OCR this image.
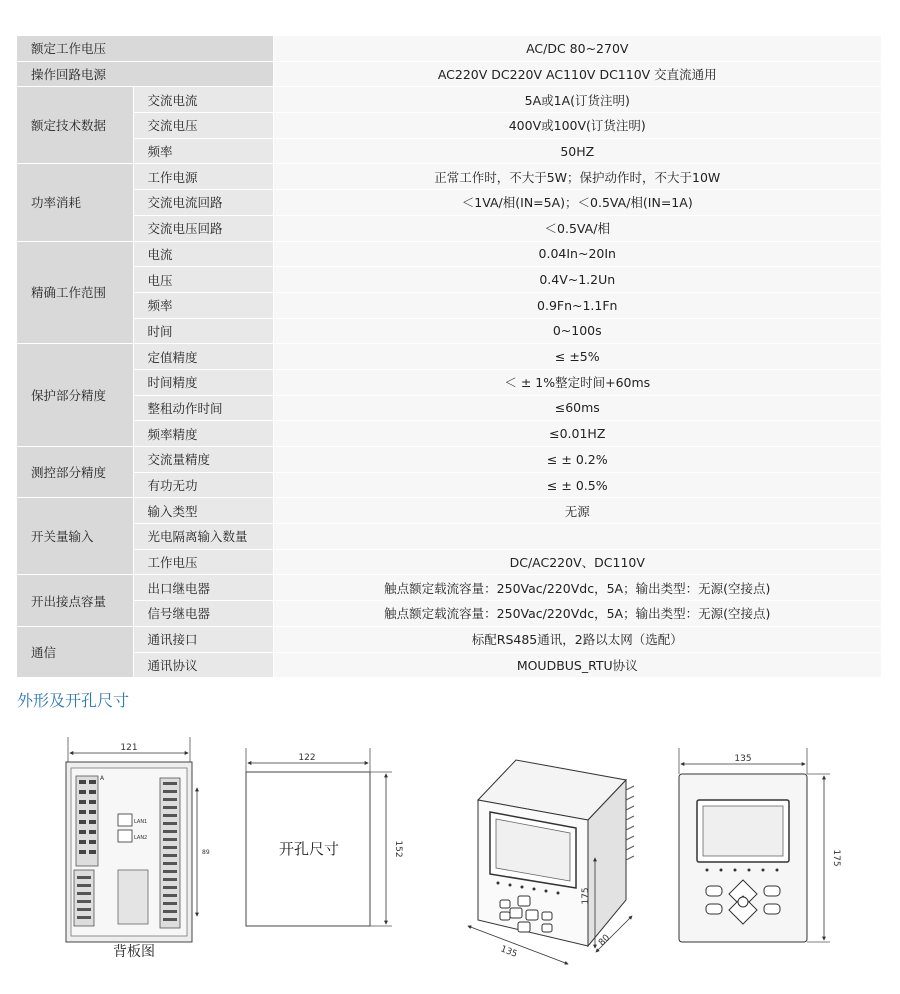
额定工作电压		AC/DC 80~270V
操作回路电源		AC220V DC220V AC110V DC110V 交直流通用
额定技术数据	交流电流	5A或1A(订货注明)
	交流电压	400V或100V(订货注明)
	频率	50HZ
功率消耗	工作电源	正常工作时，不大于5W；保护动作时，不大于10W
	交流电流回路	＜1VA/相(IN=5A)；＜0.5VA/相(IN=1A)
	交流电压回路	＜0.5VA/相
精确工作范围	电流	0.04In~20In
	电压	0.4V~1.2Un
	频率	0.9Fn~1.1Fn
	时间	0~100s
保护部分精度	定值精度	≤ ±5%
	时间精度	＜ ± 1%整定时间+60ms
	整租动作时间	≤60ms
	频率精度	≤0.01HZ
测控部分精度	交流量精度	≤ ± 0.2%
	有功无功	≤ ± 0.5%
开关量输入	输入类型	无源
	光电隔离输入数量	
	工作电压	DC/AC220V、DC110V
开出接点容量	出口继电器	触点额定载流容量：250Vac/220Vdc，5A；输出类型：无源(空接点)
	信号继电器	触点额定载流容量：250Vac/220Vdc，5A；输出类型：无源(空接点)
通信	通讯接口	标配RS485通讯，2路以太网（选配）
	通讯协议	MOUDBUS_RTU协议
外形及开孔尺寸
121
A
LAN1
LAN2
89
背板图
122
开孔尺寸	152
175
135
80
135
175
